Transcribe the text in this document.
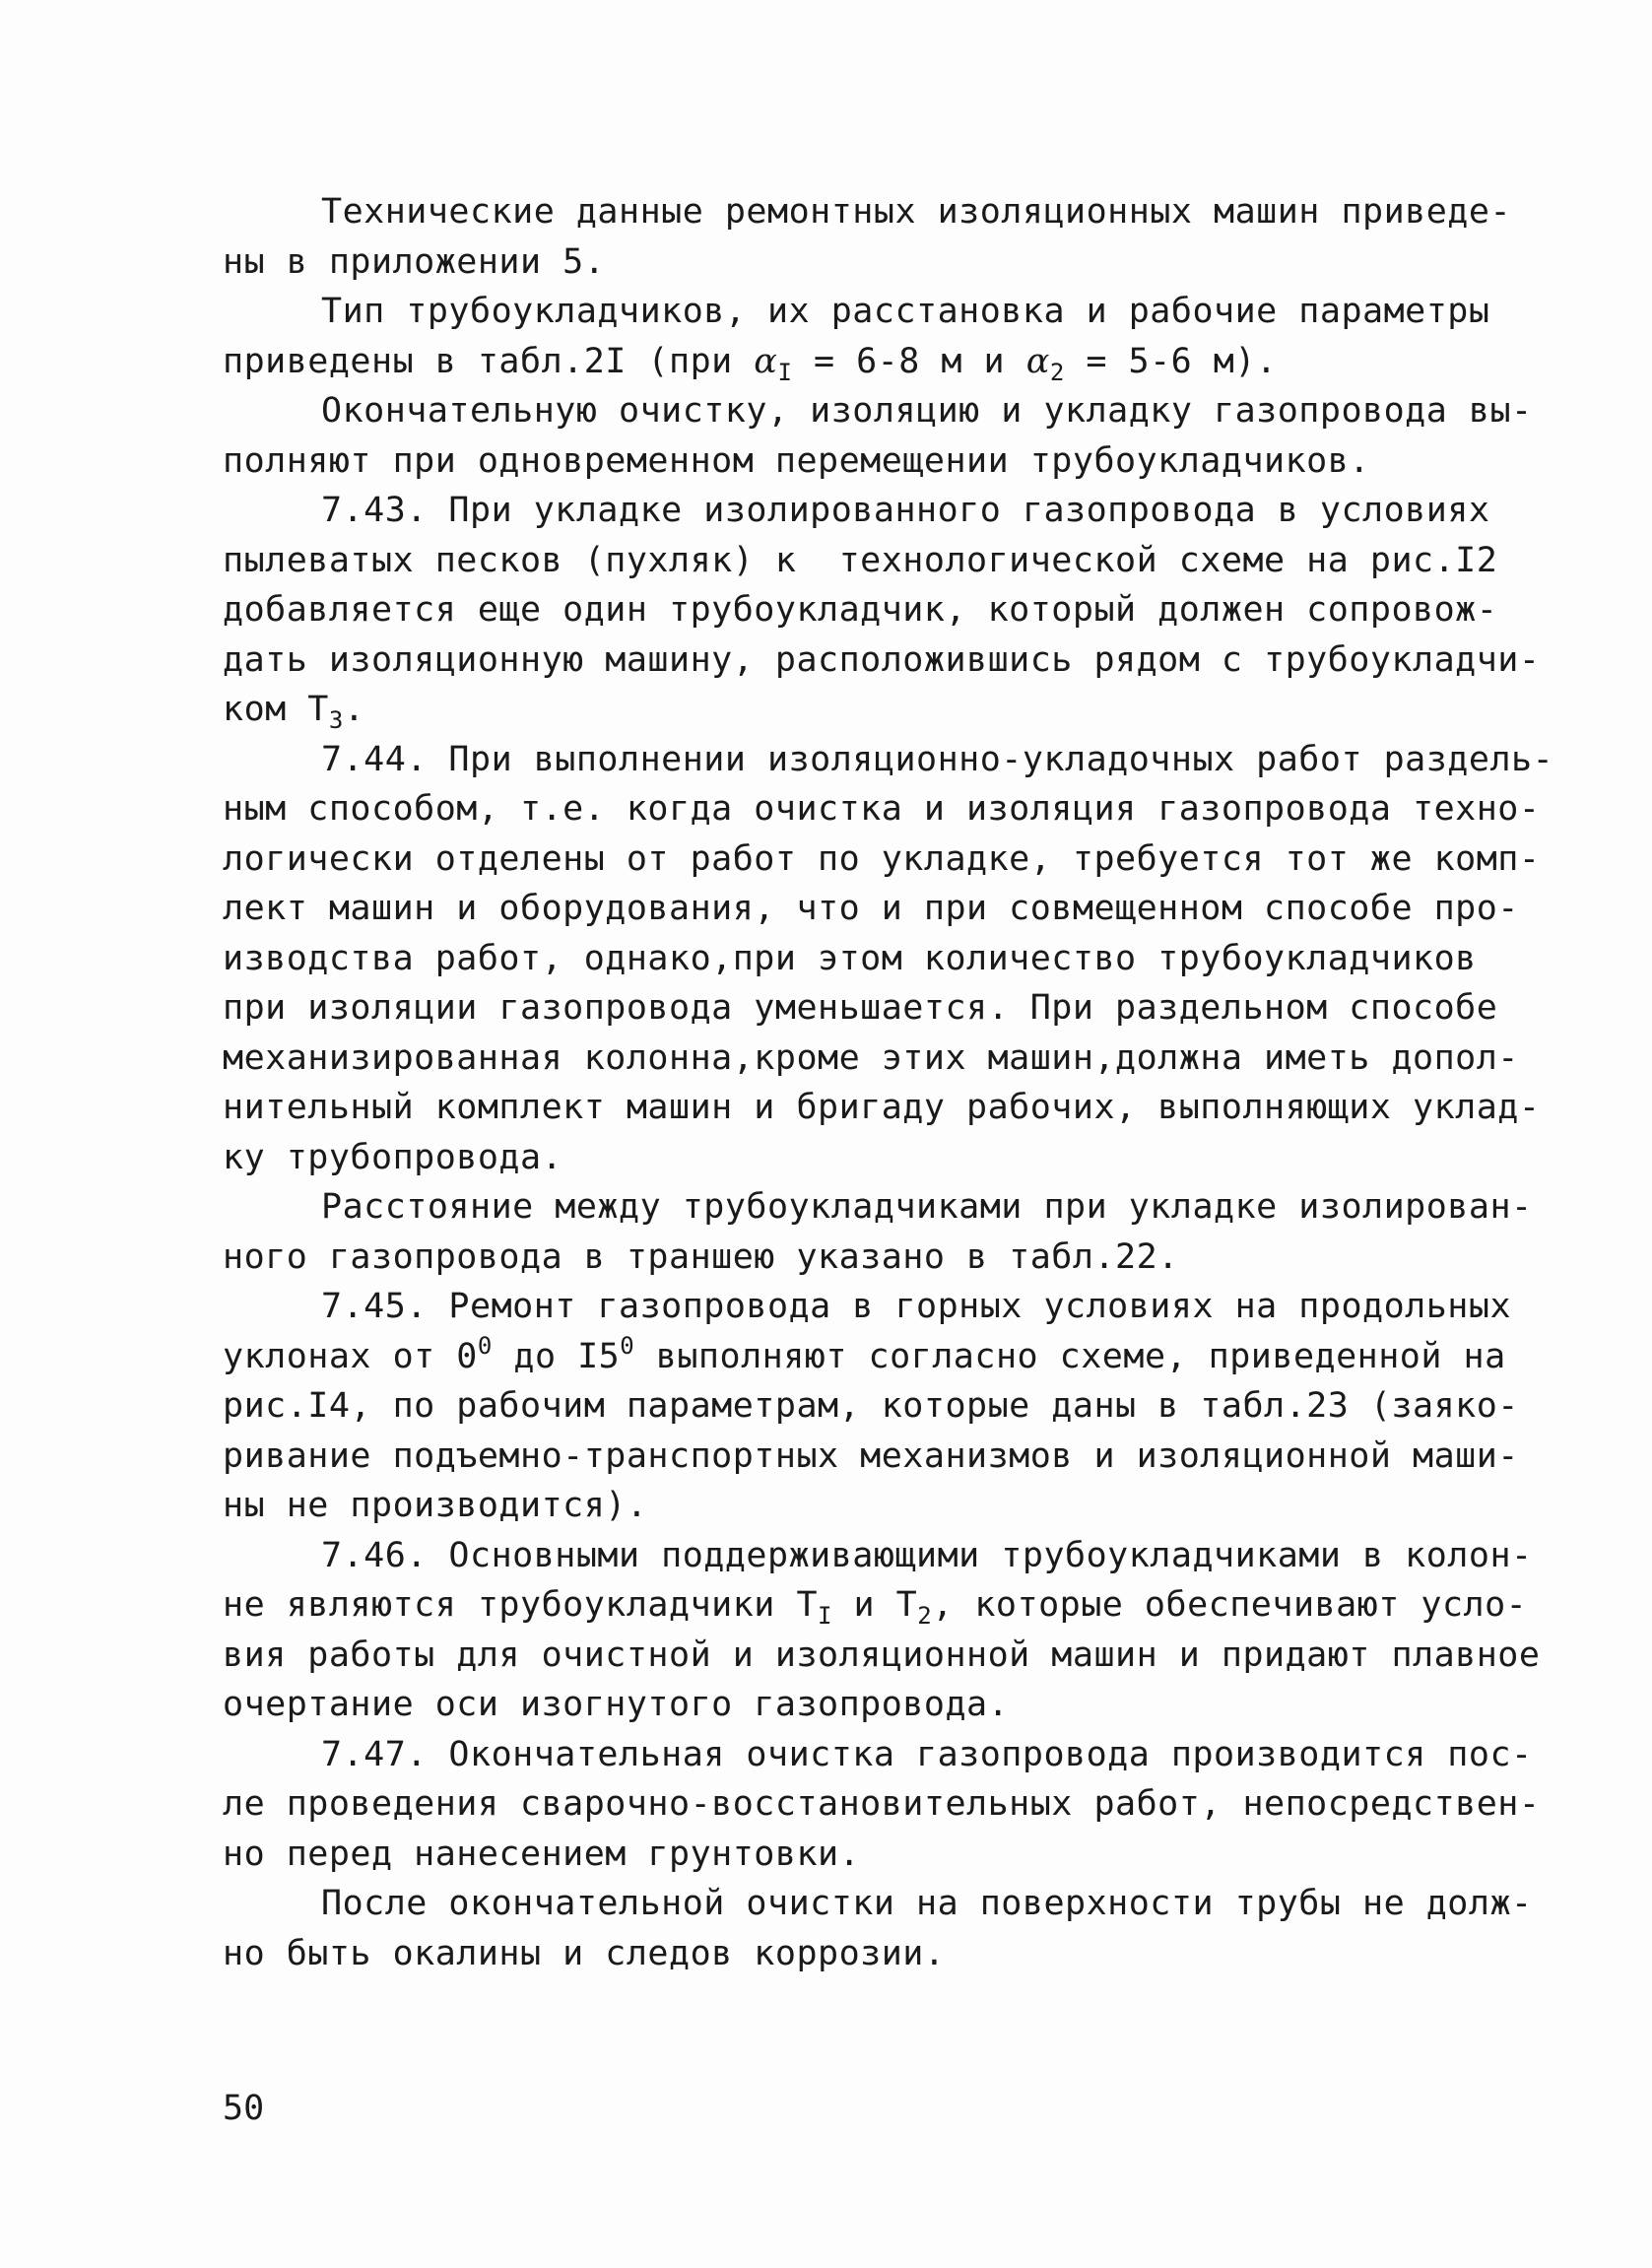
Технические данные ремонтных изоляционных машин приведе-

ны в приложении 5.

Тип трубоукладчиков, их расстановка и рабочие параметры

приведены в табл.2I (при $\alpha_I = 6-8$ м и $\alpha_2 = 5-6$ м).

Окончательную очистку, изоляцию и укладку газопровода вы-

полняют при одновременном перемещении трубоукладчиков.

7.43. При укладке изолированного газопровода в условиях

пылеватых песков (пухляк) к  технологической схеме на рис.I2

добавляется еще один трубоукладчик, который должен сопровож-

дать изоляционную машину, расположившись рядом с трубоукладчи-

ком $Т_3$.

7.44. При выполнении изоляционно-укладочных работ раздель-

ным способом, т.е. когда очистка и изоляция газопровода техно-

логически отделены от работ по укладке, требуется тот же комп-

лект машин и оборудования, что и при совмещенном способе про-

изводства работ, однако,при этом количество трубоукладчиков

при изоляции газопровода уменьшается. При раздельном способе

механизированная колонна,кроме этих машин,должна иметь допол-

нительный комплект машин и бригаду рабочих, выполняющих уклад-

ку трубопровода.

Расстояние между трубоукладчиками при укладке изолирован-

ного газопровода в траншею указано в табл.22.

7.45. Ремонт газопровода в горных условиях на продольных

уклонах от $0^0$ до $I5^0$ выполняют согласно схеме, приведенной на

рис.I4, по рабочим параметрам, которые даны в табл.23 (заяко-

ривание подъемно-транспортных механизмов и изоляционной маши-

ны не производится).

7.46. Основными поддерживающими трубоукладчиками в колон-

не являются трубоукладчики $Т_I$ и $Т_2$, которые обеспечивают усло-

вия работы для очистной и изоляционной машин и придают плавное

очертание оси изогнутого газопровода.

7.47. Окончательная очистка газопровода производится пос-

ле проведения сварочно-восстановительных работ, непосредствен-

но перед нанесением грунтовки.

После окончательной очистки на поверхности трубы не долж-

но быть окалины и следов коррозии.

50
